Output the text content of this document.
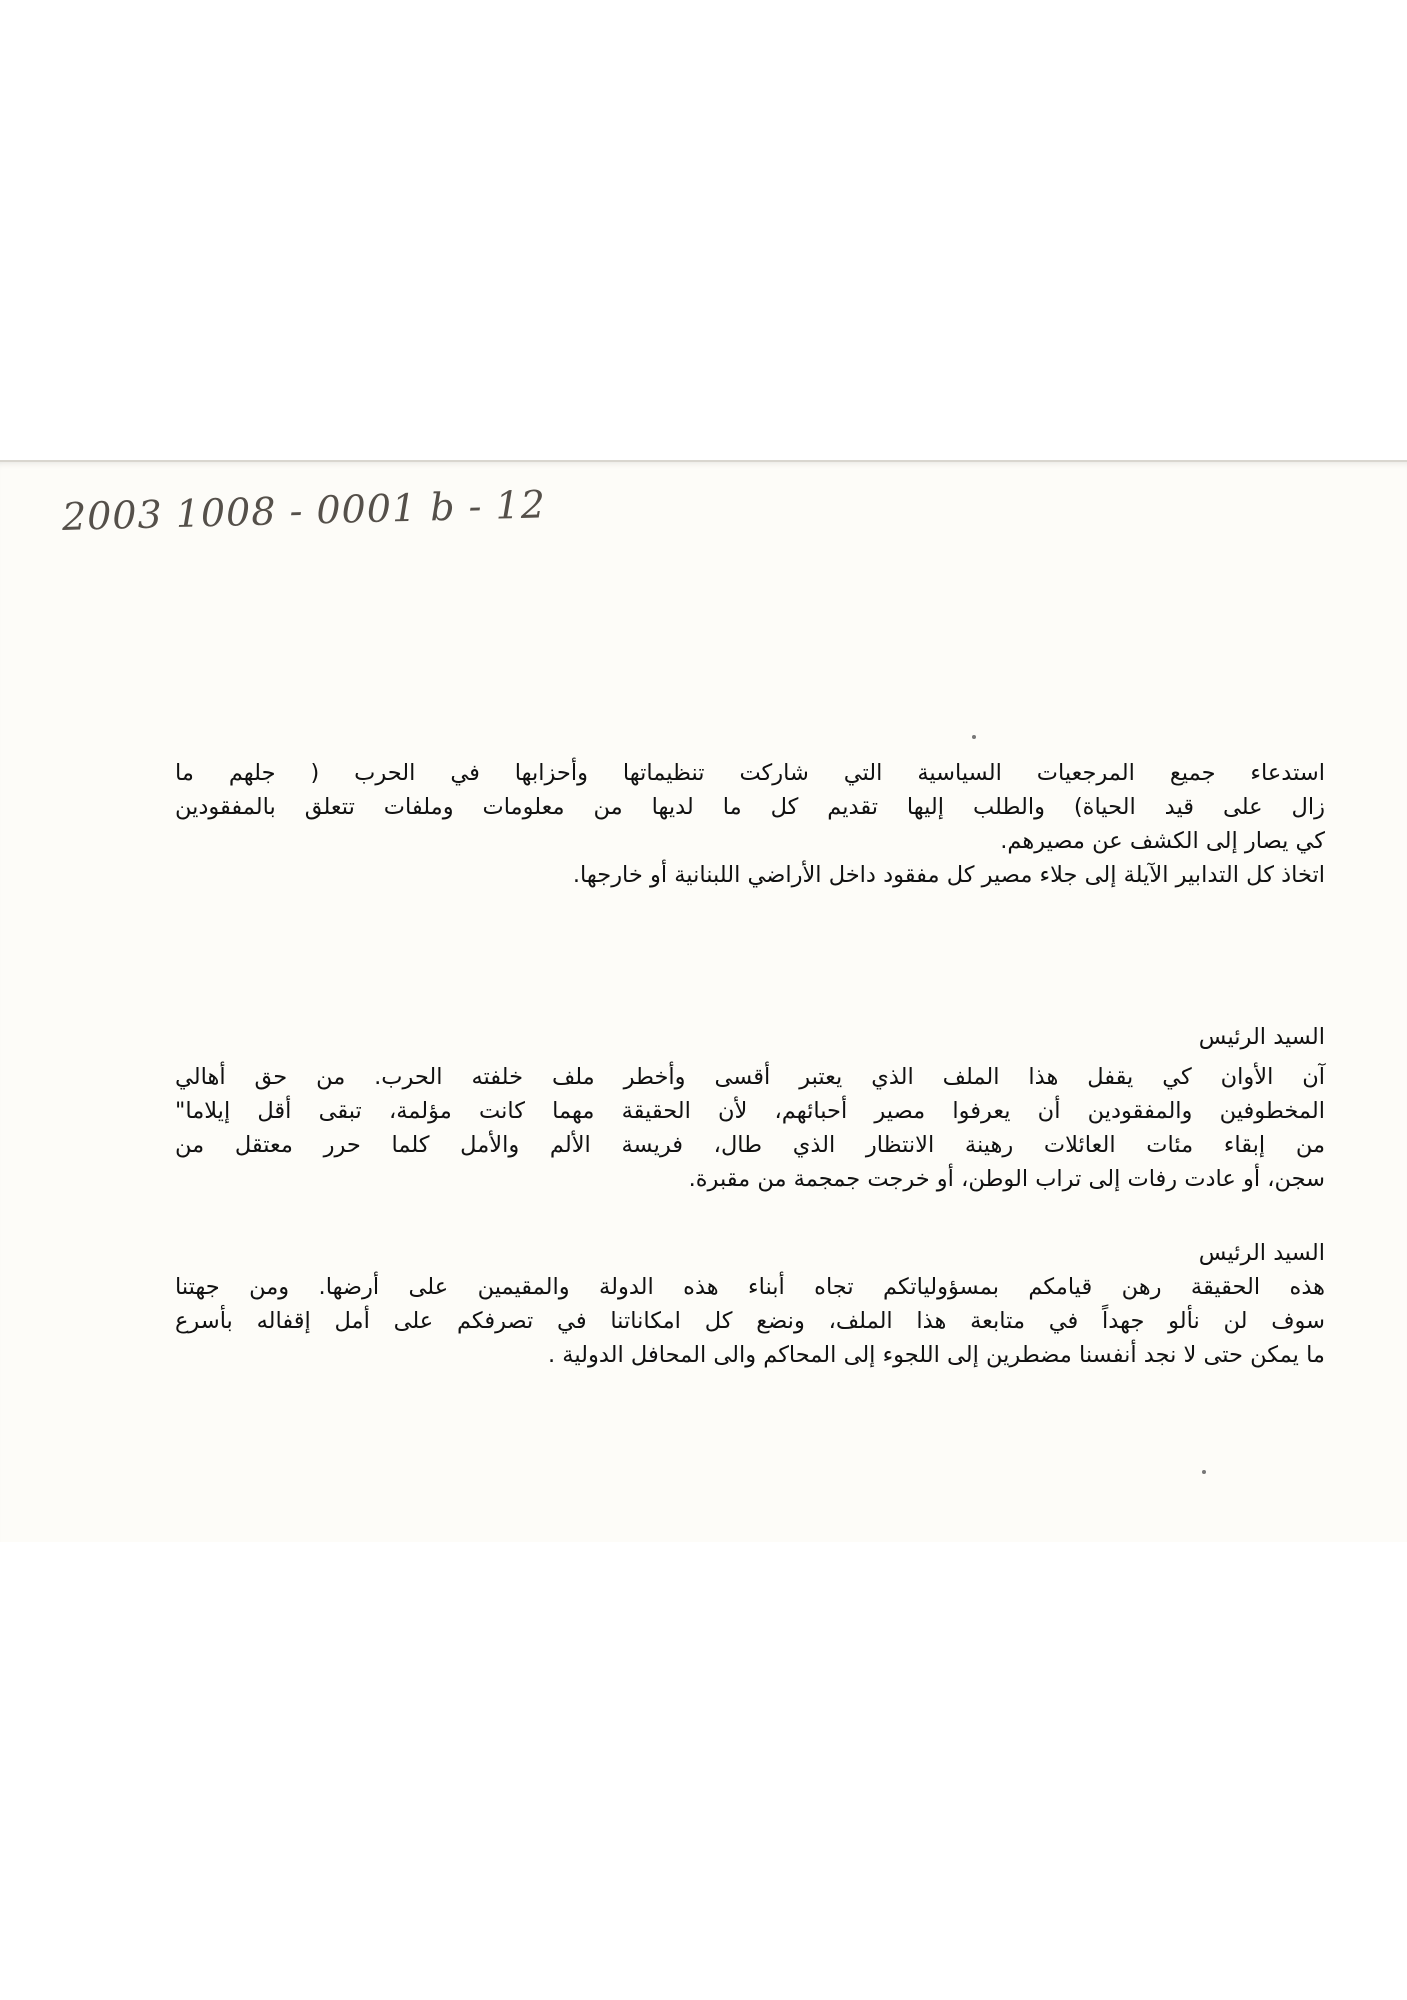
2003 1008 - 0001 b - 12
استدعاء جميع المرجعيات السياسية التي شاركت تنظيماتها وأحزابها في الحرب ( جلهم ما
زال على قيد الحياة) والطلب إليها تقديم كل ما لديها من معلومات وملفات تتعلق بالمفقودين
كي يصار إلى الكشف عن مصيرهم.
اتخاذ كل التدابير الآيلة إلى جلاء مصير كل مفقود داخل الأراضي اللبنانية أو خارجها.
السيد الرئيس
آن الأوان كي يقفل هذا الملف الذي يعتبر أقسى وأخطر ملف خلفته الحرب. من حق أهالي
المخطوفين والمفقودين أن يعرفوا مصير أحبائهم، لأن الحقيقة مهما كانت مؤلمة، تبقى أقل إيلاما"
من إبقاء مئات العائلات رهينة الانتظار الذي طال، فريسة الألم والأمل كلما حرر معتقل من
سجن، أو عادت رفات إلى تراب الوطن، أو خرجت جمجمة من مقبرة.
السيد الرئيس
هذه الحقيقة رهن قيامكم بمسؤولياتكم تجاه أبناء هذه الدولة والمقيمين على أرضها. ومن جهتنا
سوف لن نألو جهداً في متابعة هذا الملف، ونضع كل امكاناتنا في تصرفكم على أمل إقفاله بأسرع
ما يمكن حتى لا نجد أنفسنا مضطرين إلى اللجوء إلى المحاكم والى المحافل الدولية .
